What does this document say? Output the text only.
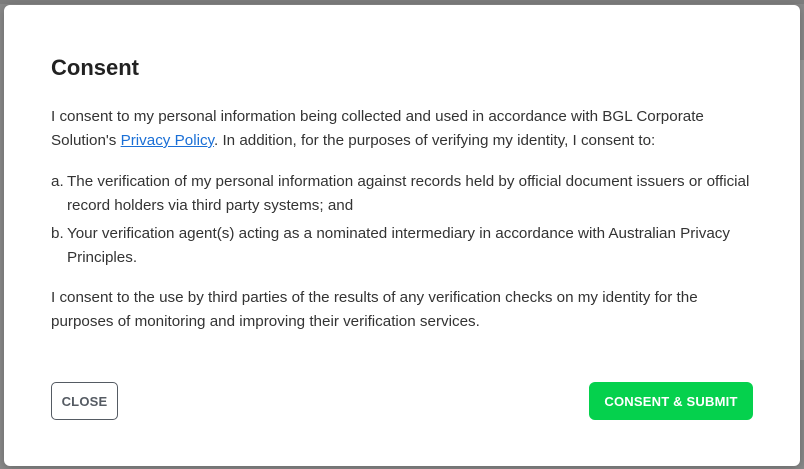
Consent
I consent to my personal information being collected and used in accordance with BGL Corporate Solution's Privacy Policy. In addition, for the purposes of verifying my identity, I consent to:
a. The verification of my personal information against records held by official document issuers or official record holders via third party systems; and
b. Your verification agent(s) acting as a nominated intermediary in accordance with Australian Privacy Principles.
I consent to the use by third parties of the results of any verification checks on my identity for the purposes of monitoring and improving their verification services.
CLOSE	CONSENT & SUBMIT
